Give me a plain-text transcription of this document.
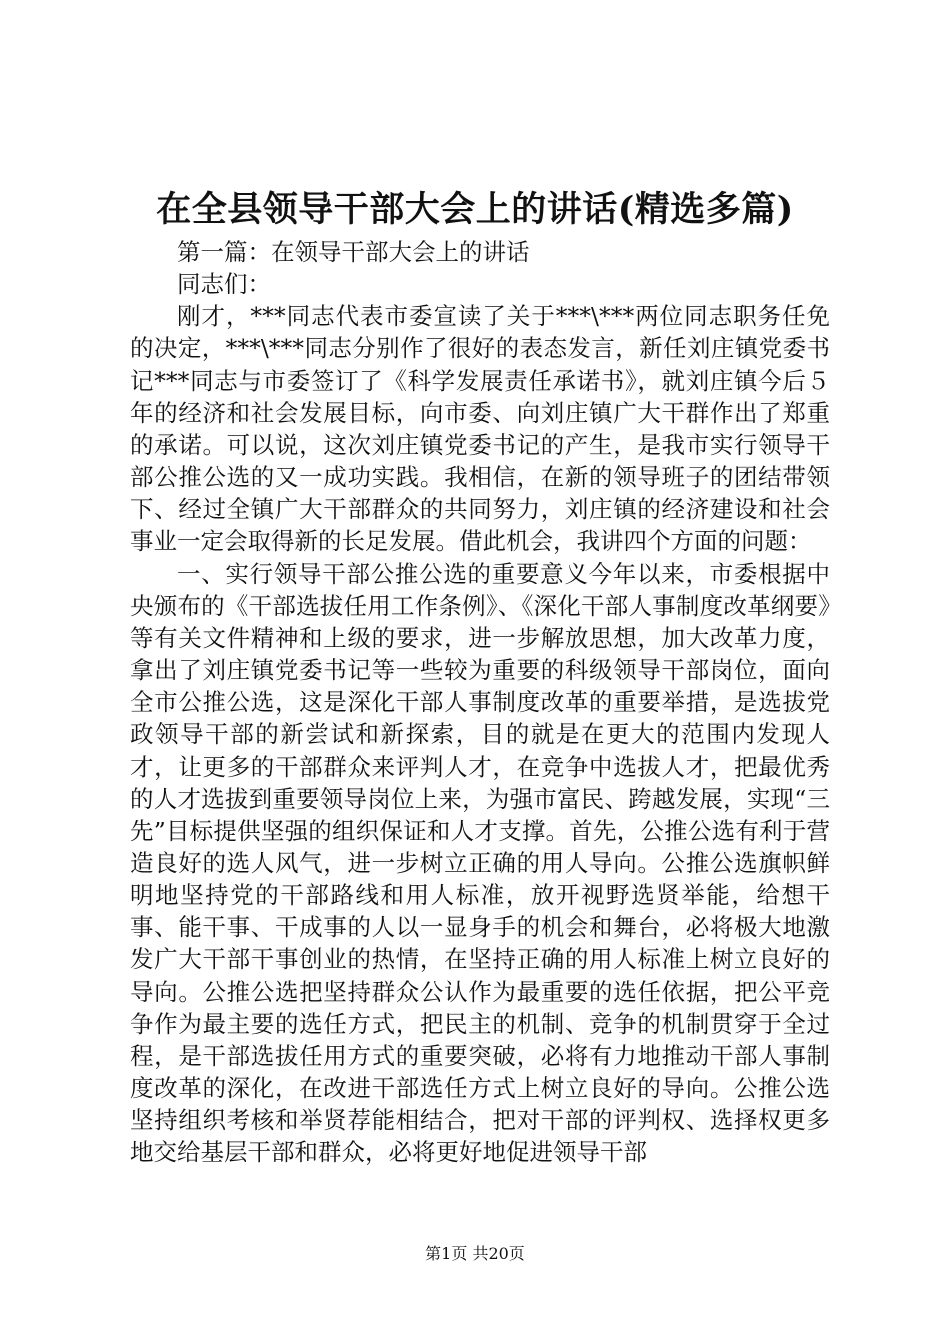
在全县领导干部大会上的讲话(精选多篇)

第一篇：在领导干部大会上的讲话

同志们：

刚才，***同志代表市委宣读了关于***\***两位同志职务任免的决定，***\***同志分别作了很好的表态发言，新任刘庄镇党委书记***同志与市委签订了《科学发展责任承诺书》，就刘庄镇今后５年的经济和社会发展目标，向市委、向刘庄镇广大干群作出了郑重的承诺。可以说，这次刘庄镇党委书记的产生，是我市实行领导干部公推公选的又一成功实践。我相信，在新的领导班子的团结带领下、经过全镇广大干部群众的共同努力，刘庄镇的经济建设和社会事业一定会取得新的长足发展。借此机会，我讲四个方面的问题：

一、实行领导干部公推公选的重要意义今年以来，市委根据中央颁布的《干部选拔任用工作条例》、《深化干部人事制度改革纲要》等有关文件精神和上级的要求，进一步解放思想，加大改革力度，拿出了刘庄镇党委书记等一些较为重要的科级领导干部岗位，面向全市公推公选，这是深化干部人事制度改革的重要举措，是选拔党政领导干部的新尝试和新探索，目的就是在更大的范围内发现人才，让更多的干部群众来评判人才，在竞争中选拔人才，把最优秀的人才选拔到重要领导岗位上来，为强市富民、跨越发展，实现“三先”目标提供坚强的组织保证和人才支撑。首先，公推公选有利于营造良好的选人风气，进一步树立正确的用人导向。公推公选旗帜鲜明地坚持党的干部路线和用人标准，放开视野选贤举能，给想干事、能干事、干成事的人以一显身手的机会和舞台，必将极大地激发广大干部干事创业的热情，在坚持正确的用人标准上树立良好的导向。公推公选把坚持群众公认作为最重要的选任依据，把公平竞争作为最主要的选任方式，把民主的机制、竞争的机制贯穿于全过程，是干部选拔任用方式的重要突破，必将有力地推动干部人事制度改革的深化，在改进干部选任方式上树立良好的导向。公推公选坚持组织考核和举贤荐能相结合，把对干部的评判权、选择权更多地交给基层干部和群众，必将更好地促进领导干部

第1页 共20页
